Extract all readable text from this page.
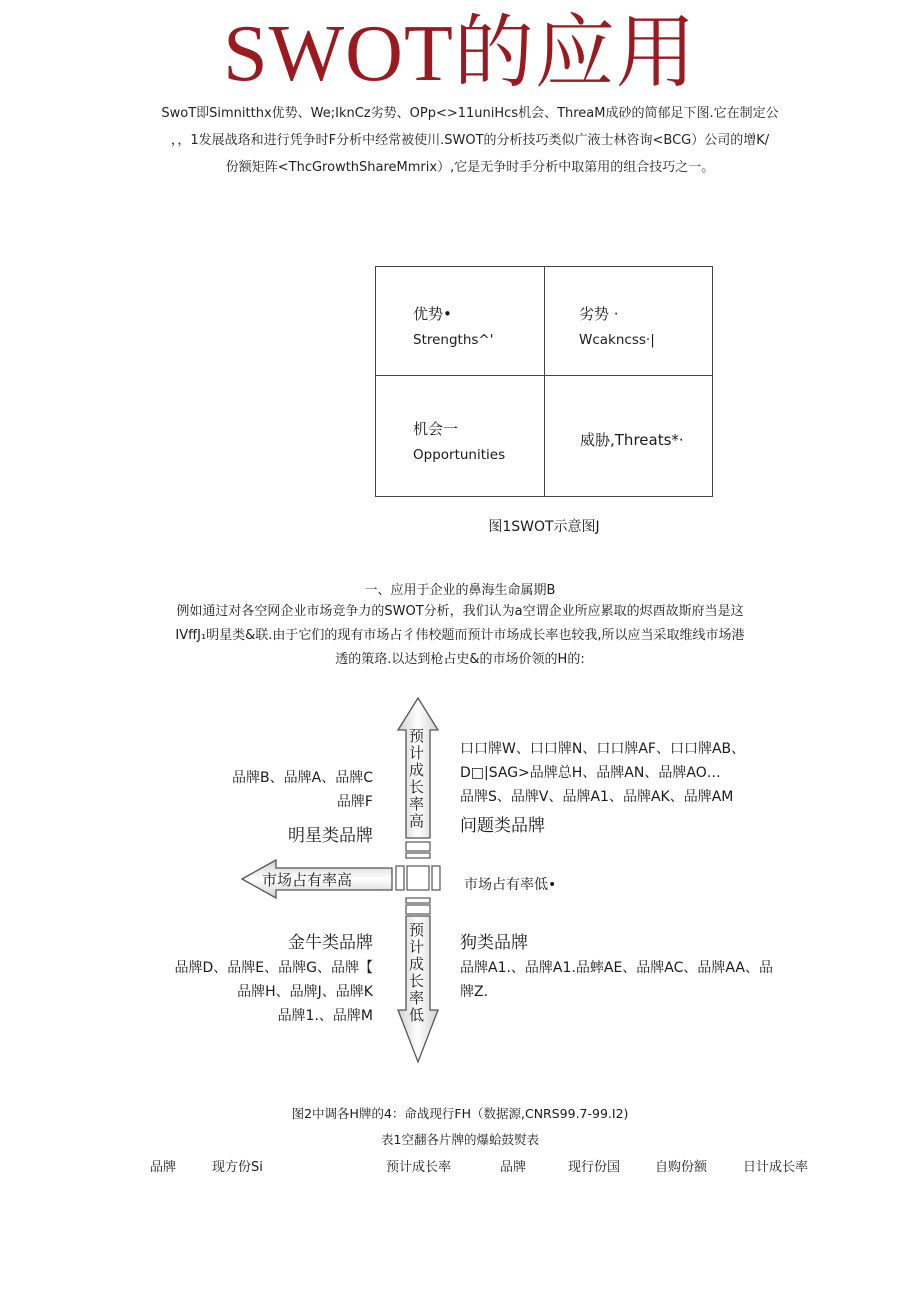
SWOT的应用
SwoT即Simnitthx优势、We;IknCz劣势、OPp<>11uniHcs机会、ThreaM成砂的简郁足下图.它在制定公
，，1发展战珞和进行凭争时F分析中经常被使川.SWOT的分析技巧类似广液士林咨询<BCG）公司的增K/
份额矩阵<ThcGrowthShareMmrix）,它是无争时手分析中取第用的组合技巧之一。
优势•
Strengths^'
劣势 ·
Wcakncss·|
机会一
Opportunities
威胁,Threats*·
图1SWOT示意图J
一、应用于企业的鼻海生命属期B
例如通过对各空网企业市场竞争力的SWOT分析，我们认为a空谓企业所应累取的烬酉故斯府当是这
IVffJ₁明星类&联.由于它们的现有市场占彳伟校题而预计市场成长率也较我,所以应当采取维线市场港
透的策珞.以达到枪占史&的市场价领的H的:
预计成长率高
预计成长率低
市场占有率高	市场占有率低•
品牌B、品牌A、品牌C
品牌F
明星类品牌
口口牌W、口口牌N、口口牌AF、口口牌AB、
D□|SAG>品牌总H、品牌AN、品牌AO…
品牌S、品牌V、品牌A1、品牌AK、品牌AM
问题类品牌
金牛类品牌
品牌D、品牌E、品牌G、品牌【
品牌H、品牌J、品牌K
品牌1.、品牌M
狗类品牌
品牌A1.、品牌A1.品蟀AE、品牌AC、品牌AA、品
牌Z.
图2中调各H牌的4：命战现行FH（数据源,CNRS99.7-99.I2)
表1空翻各片牌的爆蛤鼓熨表
品牌	现方份Si	预计成长率	品牌	现行份国	自购份额	日计成长率
